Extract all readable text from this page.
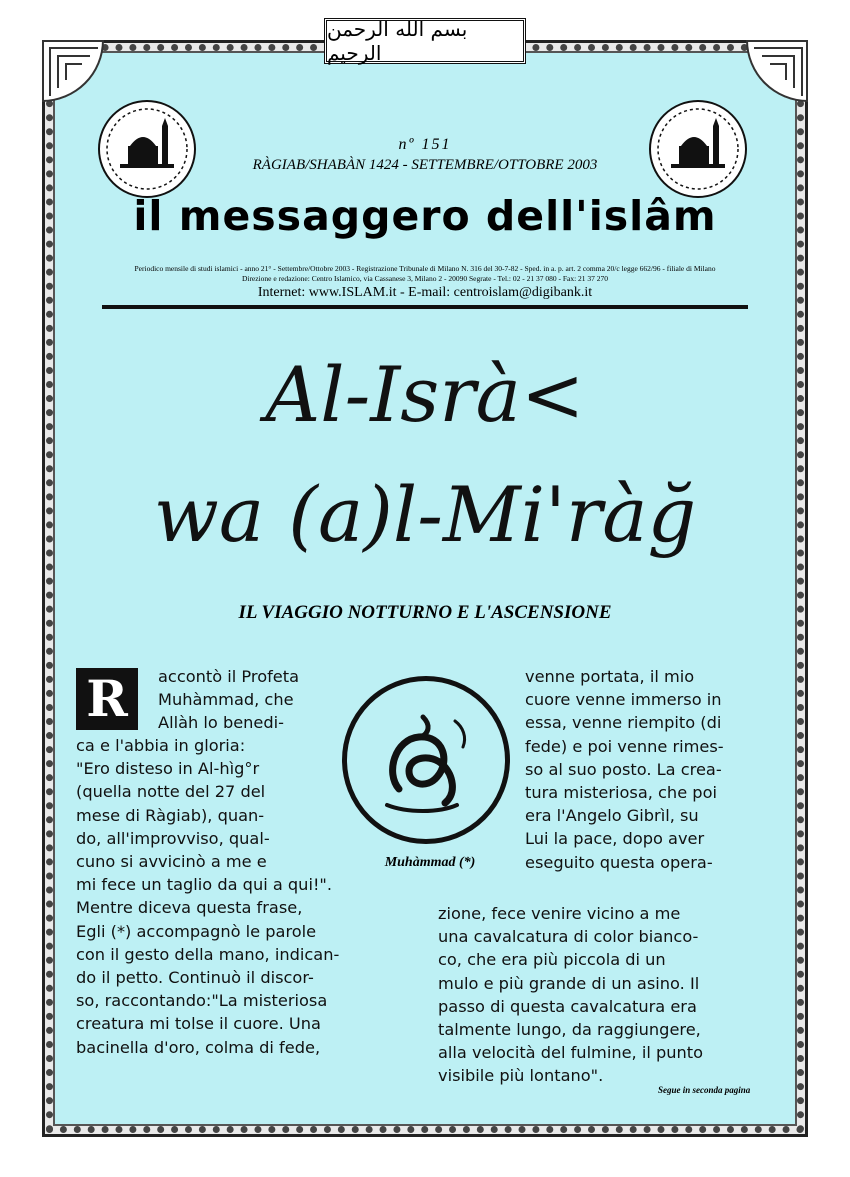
بسم الله الرحمن الرحيم
nº 151
RÀGIAB/SHABÀN 1424 - SETTEMBRE/OTTOBRE 2003
il messaggero dell'islâm
Periodico mensile di studi islamici - anno 21° - Settembre/Ottobre 2003 - Registrazione Tribunale di Milano N. 316 del 30-7-82 - Sped. in a. p. art. 2 comma 20/c legge 662/96 - filiale di Milano
Direzione e redazione: Centro Islamico, via Cassanese 3, Milano 2 - 20090 Segrate - Tel.: 02 - 21 37 080 - Fax: 21 37 270
Internet: www.ISLAM.it - E-mail: centroislam@digibank.it
Al-Isrà<
wa (a)l-Mi'ràğ
IL VIAGGIO NOTTURNO E L'ASCENSIONE
R accontò il Profeta
Muhàmmad, che
Allàh lo benedi-
ca e l'abbia in gloria:
"Ero disteso in Al-hìg°r
(quella notte del 27 del
mese di Ràgiab), quan-
do, all'improvviso, qual-
cuno si avvicinò a me e
mi fece un taglio da qui a qui!".
Mentre diceva questa frase,
Egli (*) accompagnò le parole
con il gesto della mano, indican-
do il petto. Continuò il discor-
so, raccontando:"La misteriosa
creatura mi tolse il cuore. Una
bacinella d'oro, colma di fede,
Muhàmmad (*)
venne portata, il mio
cuore venne immerso in
essa, venne riempito (di
fede) e poi venne rimes-
so al suo posto. La crea-
tura misteriosa, che poi
era l'Angelo Gibrìl, su
Lui la pace, dopo aver
eseguito questa opera-
zione, fece venire vicino a me
una cavalcatura di color bianco-
co, che era più piccola di un
mulo e più grande di un asino. Il
passo di questa cavalcatura era
talmente lungo, da raggiungere,
alla velocità del fulmine, il punto
visibile più lontano".
Segue in seconda pagina
